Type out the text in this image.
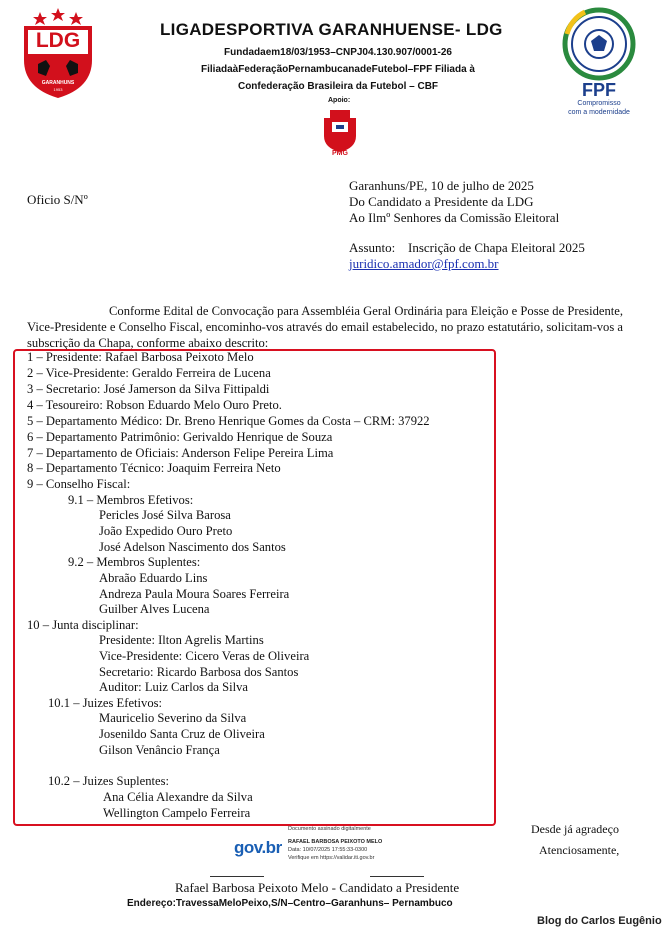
LDG
GARANHUNS
1953
LIGADESPORTIVA GARANHUENSE- LDG
Fundadaem18/03/1953–CNPJ04.130.907/0001-26
FiliadaàFederaçãoPernambucanadeFutebol–FPF Filiada à
Confederação Brasileira da Futebol – CBF
Apoio:
PMG
FPF
Compromisso
com a modernidade
Oficio S/Nº
Garanhuns/PE, 10 de julho de 2025
Do Candidato a Presidente da LDG
Ao Ilmº Senhores da Comissão Eleitoral
Assunto: Inscrição de Chapa Eleitoral 2025
juridico.amador@fpf.com.br
Conforme Edital de Convocação para Assembléia Geral Ordinária para Eleição e Posse de Presidente, Vice-Presidente e Conselho Fiscal, encominho-vos através do email estabelecido, no prazo estatutário, solicitam-vos a subscrição da Chapa, conforme abaixo descrito:
1 – Presidente: Rafael Barbosa Peixoto Melo
2 – Vice-Presidente: Geraldo Ferreira de Lucena
3 – Secretario: José Jamerson da Silva Fittipaldi
4 – Tesoureiro: Robson Eduardo Melo Ouro Preto.
5 – Departamento Médico: Dr. Breno Henrique Gomes da Costa – CRM: 37922
6 – Departamento Patrimônio: Gerivaldo Henrique de Souza
7 – Departamento de Oficiais: Anderson Felipe Pereira Lima
8 – Departamento Técnico: Joaquim Ferreira Neto
9 – Conselho Fiscal:
9.1 – Membros Efetivos:
Pericles José Silva Barosa
João Expedido Ouro Preto
José Adelson Nascimento dos Santos
9.2 – Membros Suplentes:
Abraão Eduardo Lins
Andreza Paula Moura Soares Ferreira
Guilber Alves Lucena
10 – Junta disciplinar:
Presidente: Ilton Agrelis Martins
Vice-Presidente: Cicero Veras de Oliveira
Secretario: Ricardo Barbosa dos Santos
Auditor: Luiz Carlos da Silva
10.1 – Juizes Efetivos:
Mauricelio Severino da Silva
Josenildo Santa Cruz de Oliveira
Gilson Venâncio França
10.2 – Juizes Suplentes:
Ana Célia Alexandre da Silva
Wellington Campelo Ferreira
Desde já agradeço
Atenciosamente,
Documento assinado digitalmente
gov.br RAFAEL BARBOSA PEIXOTO MELO
Data: 10/07/2025 17:55:33-0300
Verifique em https://validar.iti.gov.br
Rafael Barbosa Peixoto Melo - Candidato a Presidente
Endereço:TravessaMeloPeixo,S/N–Centro–Garanhuns– Pernambuco
Blog do Carlos Eugênio
